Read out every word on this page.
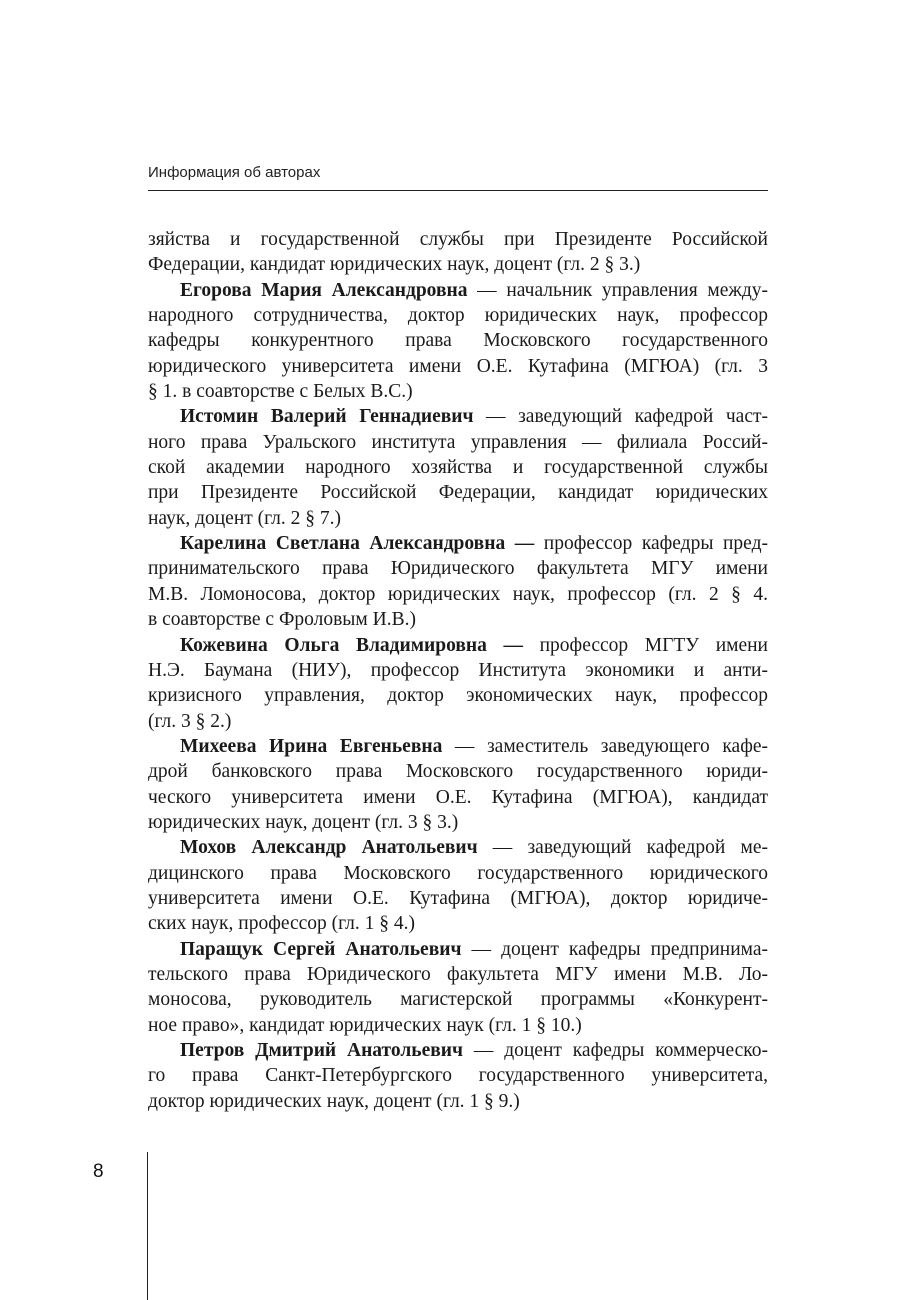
Информация об авторах
зяйства и государственной службы при Президенте Российской
Федерации, кандидат юридических наук, доцент (гл. 2 § 3.)
Егорова Мария Александровна — начальник управления между-
народного сотрудничества, доктор юридических наук, профессор
кафедры конкурентного права Московского государственного
юридического университета имени О.Е. Кутафина (МГЮА) (гл. 3
§ 1. в соавторстве с Белых В.С.)
Истомин Валерий Геннадиевич — заведующий кафедрой част-
ного права Уральского института управления — филиала Россий-
ской академии народного хозяйства и государственной службы
при Президенте Российской Федерации, кандидат юридических
наук, доцент (гл. 2 § 7.)
Карелина Светлана Александровна — профессор кафедры пред-
принимательского права Юридического факультета МГУ имени
М.В. Ломоносова, доктор юридических наук, профессор (гл. 2 § 4.
в соавторстве с Фроловым И.В.)
Кожевина Ольга Владимировна — профессор МГТУ имени
Н.Э. Баумана (НИУ), профессор Института экономики и анти-
кризисного управления, доктор экономических наук, профессор
(гл. 3 § 2.)
Михеева Ирина Евгеньевна — заместитель заведующего кафе-
дрой банковского права Московского государственного юриди-
ческого университета имени О.Е. Кутафина (МГЮА), кандидат
юридических наук, доцент (гл. 3 § 3.)
Мохов Александр Анатольевич — заведующий кафедрой ме-
дицинского права Московского государственного юридического
университета имени О.Е. Кутафина (МГЮА), доктор юридиче-
ских наук, профессор (гл. 1 § 4.)
Паращук Сергей Анатольевич — доцент кафедры предпринима-
тельского права Юридического факультета МГУ имени М.В. Ло-
моносова, руководитель магистерской программы «Конкурент-
ное право», кандидат юридических наук (гл. 1 § 10.)
Петров Дмитрий Анатольевич — доцент кафедры коммерческо-
го права Санкт-Петербургского государственного университета,
доктор юридических наук, доцент (гл. 1 § 9.)
8
